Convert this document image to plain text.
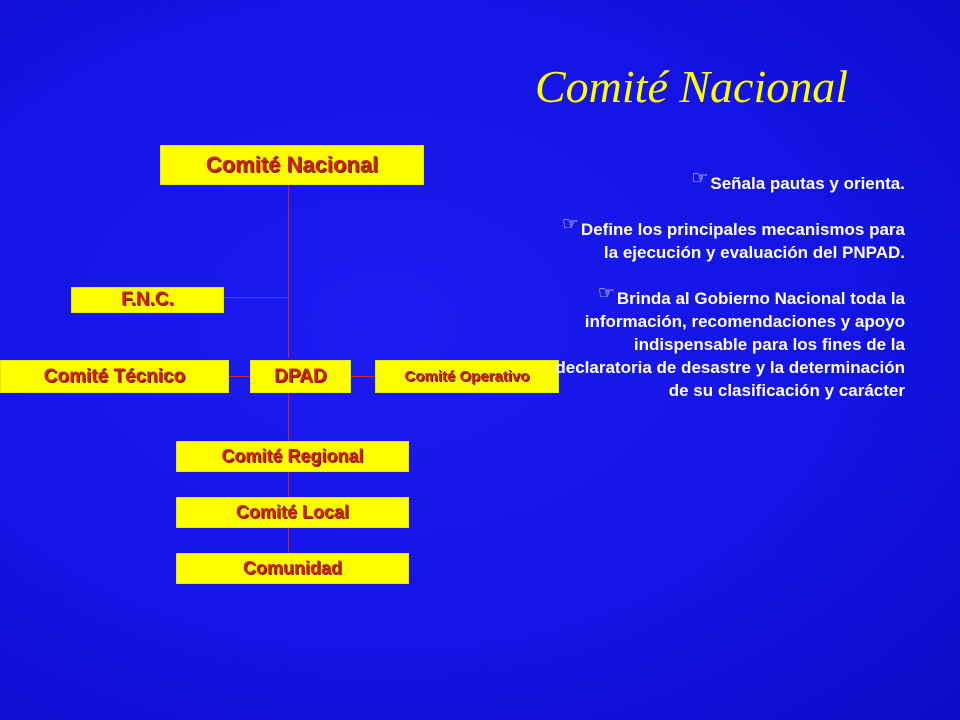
Comité Nacional
Comité Nacional
F.N.C.
Comité Técnico	DPAD	Comité Operativo
Comité Regional
Comité Local
Comunidad
☞ Señala pautas y orienta.
☞ Define los principales mecanismos para la ejecución y evaluación del PNPAD.
☞ Brinda al Gobierno Nacional toda la información, recomendaciones y apoyo indispensable para los fines de la declaratoria de desastre y la determinación de su clasificación y carácter
